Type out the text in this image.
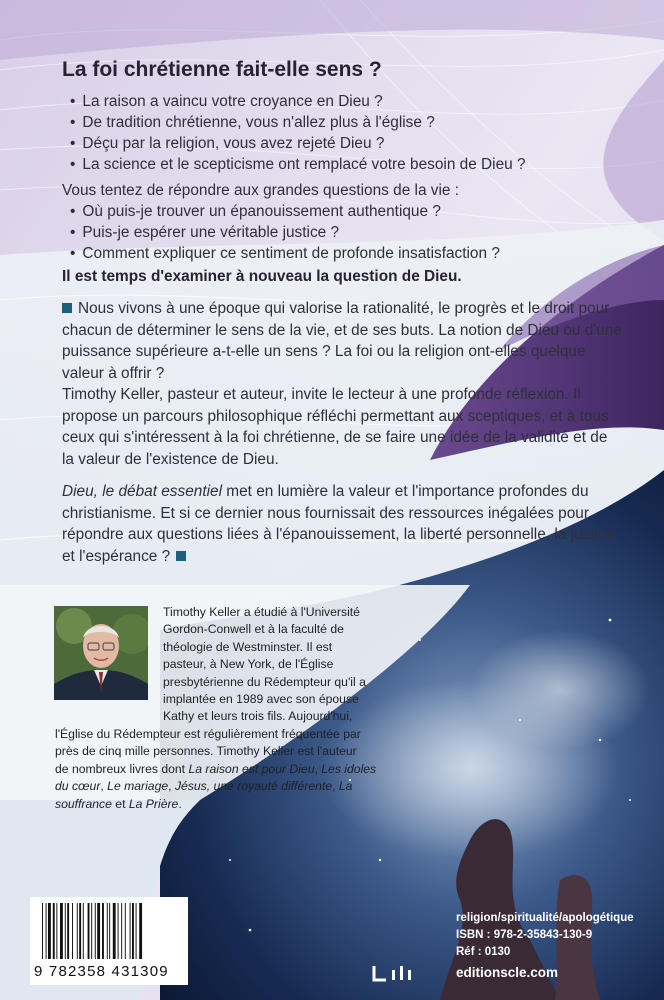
La foi chrétienne fait-elle sens ?
• La raison a vaincu votre croyance en Dieu ?
• De tradition chrétienne, vous n'allez plus à l'église ?
• Déçu par la religion, vous avez rejeté Dieu ?
• La science et le scepticisme ont remplacé votre besoin de Dieu ?

Vous tentez de répondre aux grandes questions de la vie :

• Où puis-je trouver un épanouissement authentique ?
• Puis-je espérer une véritable justice ?
• Comment expliquer ce sentiment de profonde insatisfaction ?

Il est temps d'examiner à nouveau la question de Dieu.

Nous vivons à une époque qui valorise la rationalité, le progrès et le droit pour chacun de déterminer le sens de la vie, et de ses buts. La notion de Dieu ou d'une puissance supérieure a-t-elle un sens ? La foi ou la religion ont-elles quelque valeur à offrir ?

Timothy Keller, pasteur et auteur, invite le lecteur à une profonde réflexion. Il propose un parcours philosophique réfléchi permettant aux sceptiques, et à tous ceux qui s'intéressent à la foi chrétienne, de se faire une idée de la validité et de la valeur de l'existence de Dieu.

Dieu, le débat essentiel met en lumière la valeur et l'importance profondes du christianisme. Et si ce dernier nous fournissait des ressources inégalées pour répondre aux questions liées à l'épanouissement, la liberté personnelle, la justice et l'espérance ?

Timothy Keller a étudié à l'Université
Gordon-Conwell et à la faculté de
théologie de Westminster. Il est
pasteur, à New York, de l'Église
presbytérienne du Rédempteur qu'il a
implantée en 1989 avec son épouse
Kathy et leurs trois fils. Aujourd'hui,
l'Église du Rédempteur est régulièrement fréquentée par
près de cinq mille personnes. Timothy Keller est l'auteur
de nombreux livres dont La raison est pour Dieu, Les idoles
du cœur, Le mariage, Jésus, une royauté différente, La
souffrance et La Prière.

9 782358 431309

religion/spiritualité/apologétique

ISBN : 978-2-35843-130-9

Réf : 0130

editionscle.com
